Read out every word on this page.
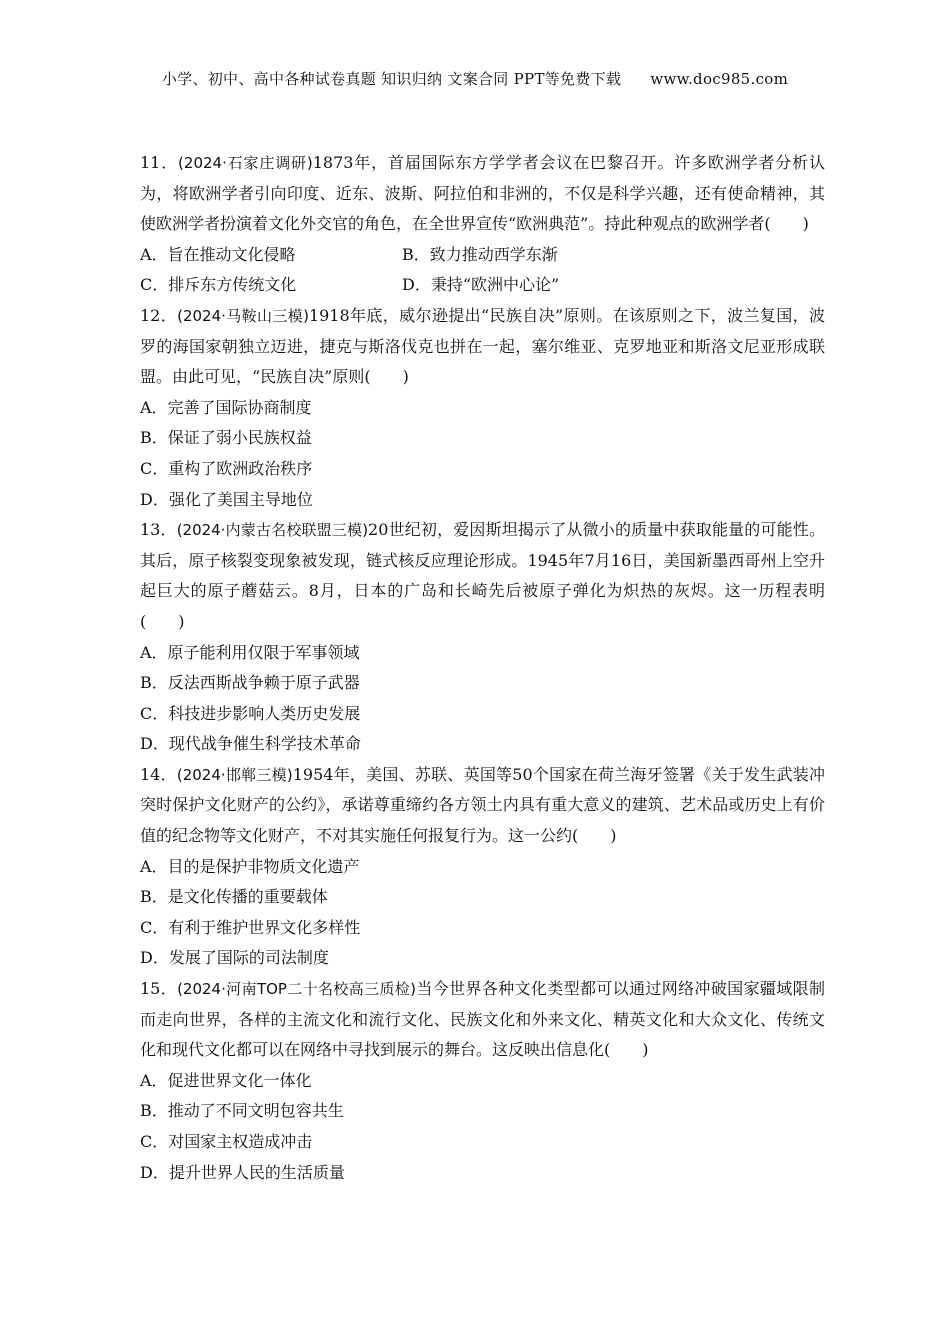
小学、初中、高中各种试卷真题 知识归纳 文案合同 PPT等免费下载 www.doc985.com

11．(2024·石家庄调研)1873年，首届国际东方学学者会议在巴黎召开。许多欧洲学者分析认为，将欧洲学者引向印度、近东、波斯、阿拉伯和非洲的，不仅是科学兴趣，还有使命精神，其使欧洲学者扮演着文化外交官的角色，在全世界宣传“欧洲典范”。持此种观点的欧洲学者(　　)

A．旨在推动文化侵略	B．致力推动西学东渐
C．排斥东方传统文化	D．秉持“欧洲中心论”

12．(2024·马鞍山三模)1918年底，威尔逊提出“民族自决”原则。在该原则之下，波兰复国，波罗的海国家朝独立迈进，捷克与斯洛伐克也拼在一起，塞尔维亚、克罗地亚和斯洛文尼亚形成联盟。由此可见，“民族自决”原则(　　)

A．完善了国际协商制度

B．保证了弱小民族权益

C．重构了欧洲政治秩序

D．强化了美国主导地位

13．(2024·内蒙古名校联盟三模)20世纪初，爱因斯坦揭示了从微小的质量中获取能量的可能性。其后，原子核裂变现象被发现，链式核反应理论形成。1945年7月16日，美国新墨西哥州上空升起巨大的原子蘑菇云。8月，日本的广岛和长崎先后被原子弹化为炽热的灰烬。这一历程表明(　　)

A．原子能利用仅限于军事领域

B．反法西斯战争赖于原子武器

C．科技进步影响人类历史发展

D．现代战争催生科学技术革命

14．(2024·邯郸三模)1954年，美国、苏联、英国等50个国家在荷兰海牙签署《关于发生武装冲突时保护文化财产的公约》，承诺尊重缔约各方领土内具有重大意义的建筑、艺术品或历史上有价值的纪念物等文化财产，不对其实施任何报复行为。这一公约(　　)

A．目的是保护非物质文化遗产

B．是文化传播的重要载体

C．有利于维护世界文化多样性

D．发展了国际的司法制度

15．(2024·河南TOP二十名校高三质检)当今世界各种文化类型都可以通过网络冲破国家疆域限制而走向世界，各样的主流文化和流行文化、民族文化和外来文化、精英文化和大众文化、传统文化和现代文化都可以在网络中寻找到展示的舞台。这反映出信息化(　　)

A．促进世界文化一体化

B．推动了不同文明包容共生

C．对国家主权造成冲击

D．提升世界人民的生活质量
